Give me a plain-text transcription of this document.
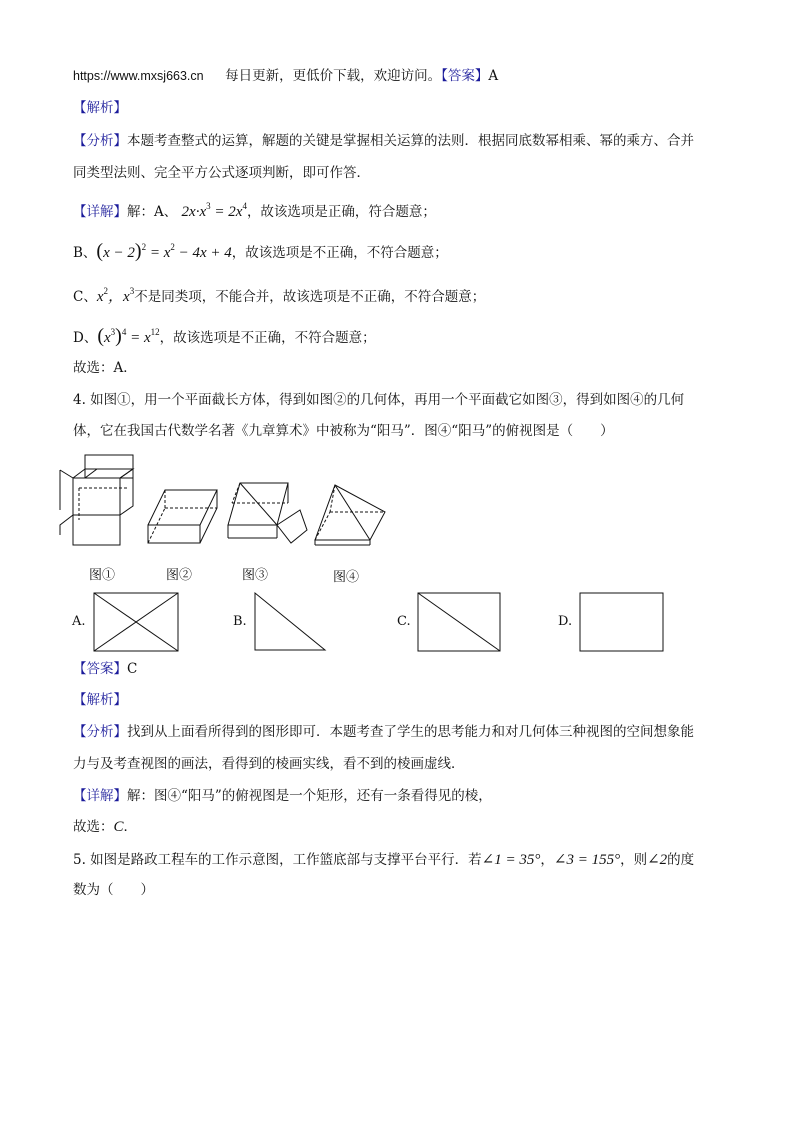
https://www.mxsj663.cn 每日更新，更低价下载，欢迎访问。【答案】A
【解析】
【分析】本题考查整式的运算，解题的关键是掌握相关运算的法则．根据同底数幂相乘、幂的乘方、合并
同类型法则、完全平方公式逐项判断，即可作答．
【详解】解：A、 $2x\cdot x^3 = 2x^4$，故该选项是正确，符合题意；
B、$(x - 2)^2 = x^2 - 4x + 4$，故该选项是不正确，不符合题意；
C、$x^2$，$x^3$不是同类项，不能合并，故该选项是不正确，不符合题意；
D、$(x^3)^4 = x^{12}$，故该选项是不正确，不符合题意；
故选：A．
4. 如图①，用一个平面截长方体，得到如图②的几何体，再用一个平面截它如图③，得到如图④的几何
体，它在我国古代数学名著《九章算术》中被称为“阳马”．图④“阳马”的俯视图是（　　）
图①	图②	图③	图④
A.	B.	C.	D.
【答案】C
【解析】
【分析】找到从上面看所得到的图形即可．本题考查了学生的思考能力和对几何体三种视图的空间想象能
力与及考查视图的画法，看得到的棱画实线，看不到的棱画虚线．
【详解】解：图④“阳马”的俯视图是一个矩形，还有一条看得见的棱，
故选：C．
5. 如图是路政工程车的工作示意图，工作篮底部与支撑平台平行．若∠1 = 35°，∠3 = 155°，则∠2的度
数为（　　）
